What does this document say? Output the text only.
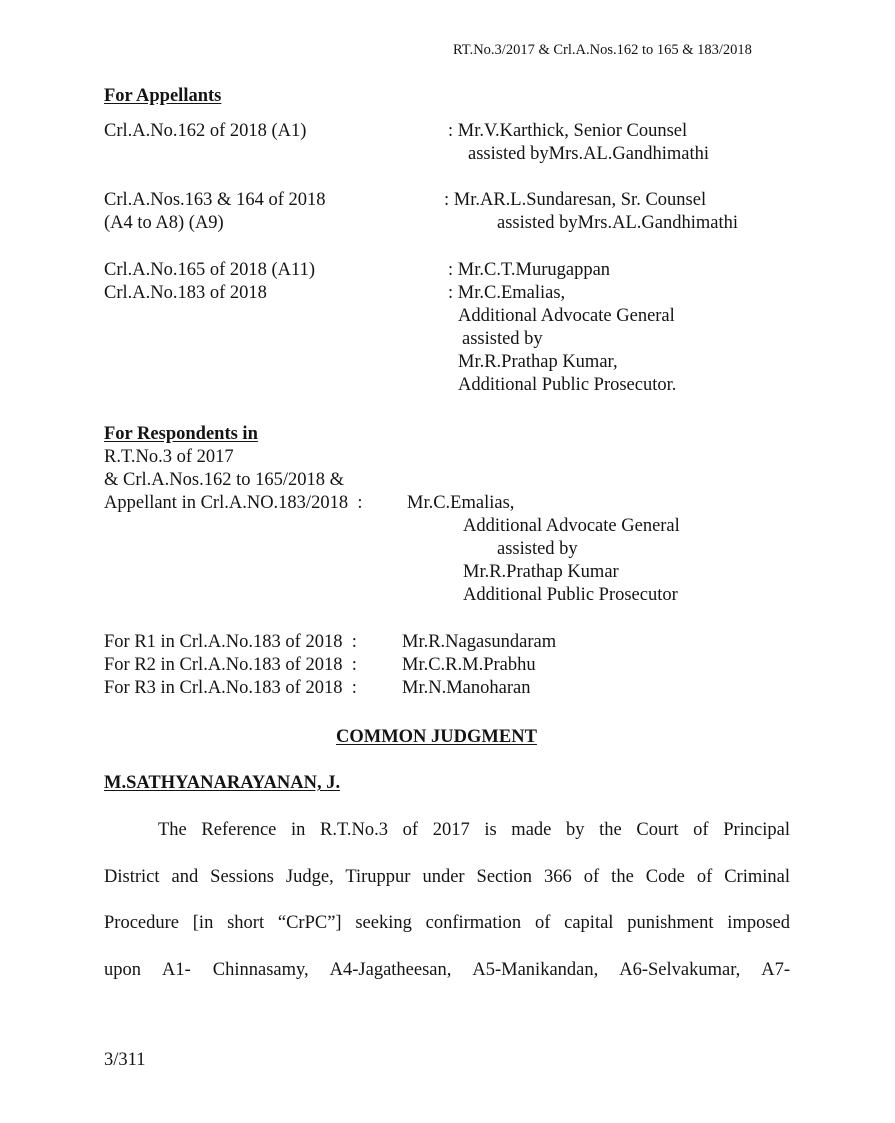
RT.No.3/2017 & Crl.A.Nos.162 to 165 & 183/2018
For Appellants
Crl.A.No.162 of 2018 (A1)	: Mr.V.Karthick, Senior Counsel
assisted byMrs.AL.Gandhimathi
Crl.A.Nos.163 & 164 of 2018
(A4 to A8) (A9)
: Mr.AR.L.Sundaresan, Sr. Counsel
assisted byMrs.AL.Gandhimathi
Crl.A.No.165 of 2018 (A11)
Crl.A.No.183 of 2018
: Mr.C.T.Murugappan
: Mr.C.Emalias,
Additional Advocate General
assisted by
Mr.R.Prathap Kumar,
Additional Public Prosecutor.
For Respondents in
R.T.No.3 of 2017
& Crl.A.Nos.162 to 165/2018 &
Appellant in Crl.A.NO.183/2018  : Mr.C.Emalias,
Additional Advocate General
assisted by
Mr.R.Prathap Kumar
Additional Public Prosecutor
For R1 in Crl.A.No.183 of 2018  : Mr.R.Nagasundaram
For R2 in Crl.A.No.183 of 2018  : Mr.C.R.M.Prabhu
For R3 in Crl.A.No.183 of 2018  : Mr.N.Manoharan
COMMON JUDGMENT
M.SATHYANARAYANAN, J.
The Reference in R.T.No.3 of 2017 is made by the Court of Principal
District and Sessions Judge, Tiruppur under Section 366 of the Code of Criminal
Procedure [in short “CrPC”] seeking confirmation of capital punishment imposed
upon A1- Chinnasamy, A4-Jagatheesan, A5-Manikandan, A6-Selvakumar, A7-
3/311
